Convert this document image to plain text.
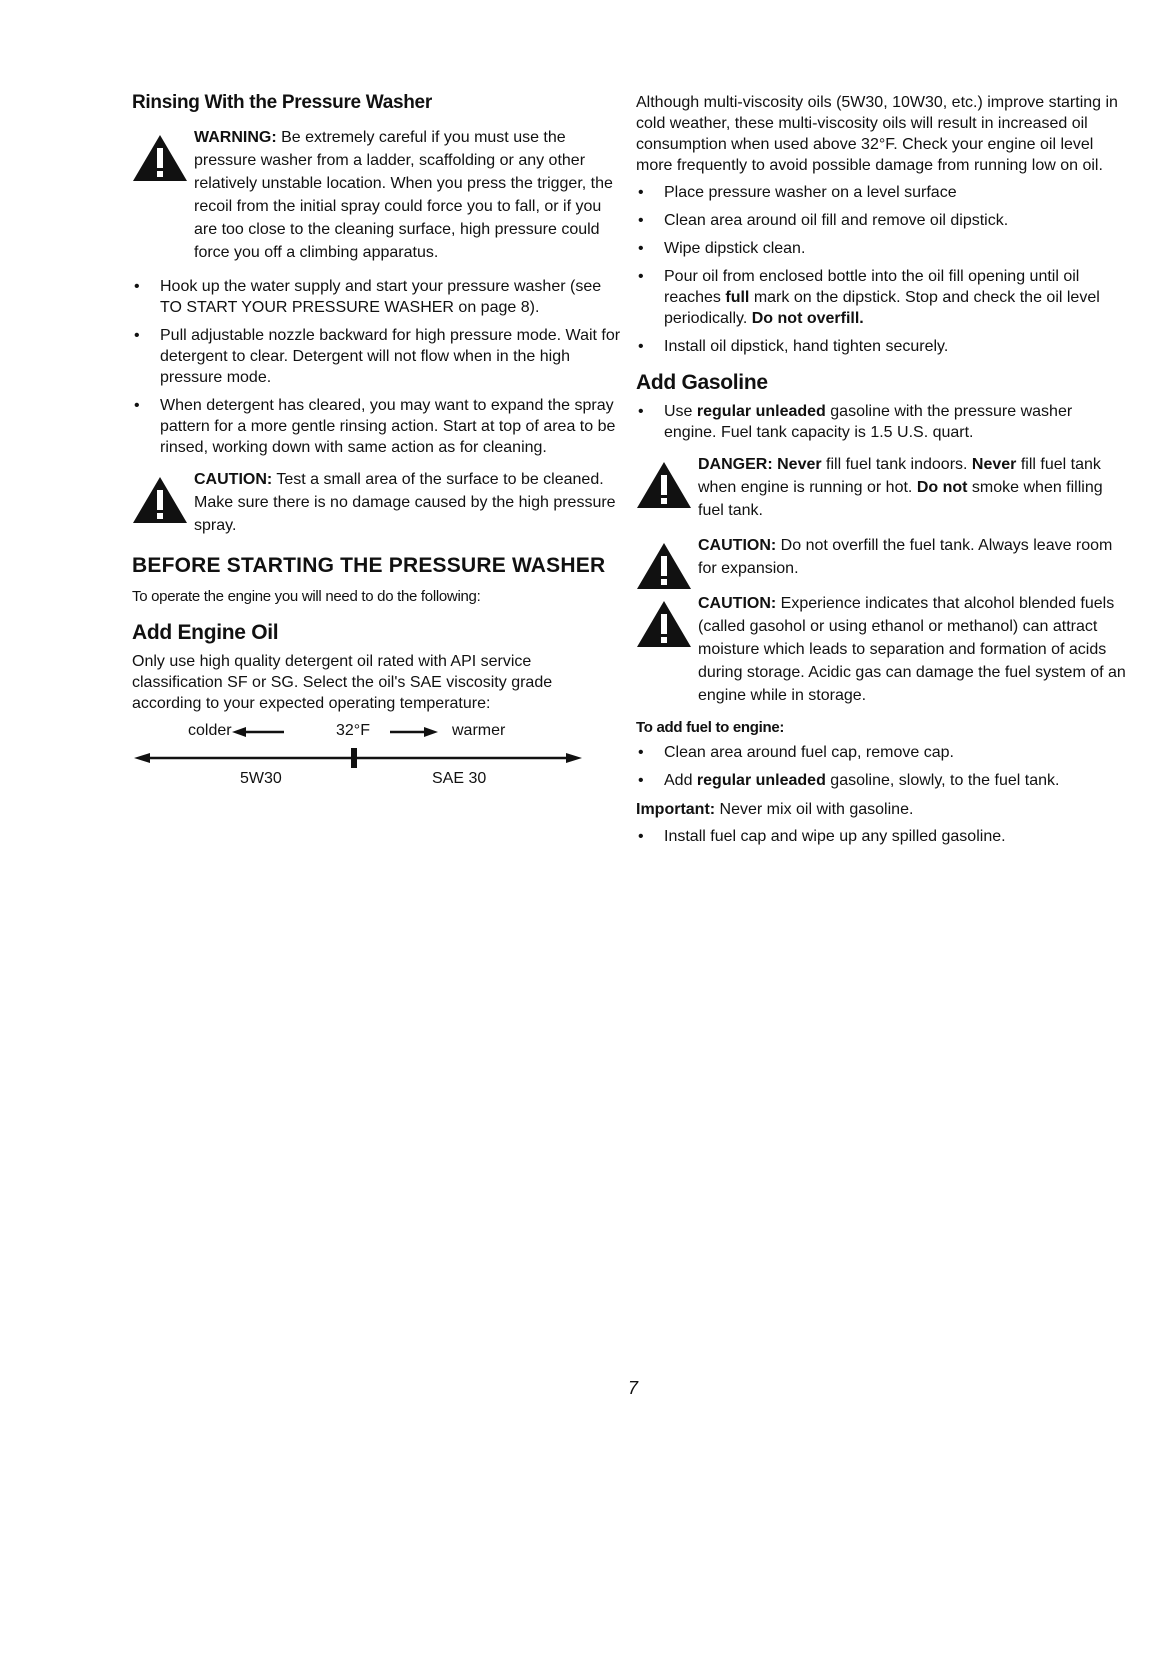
Rinsing With the Pressure Washer
WARNING: Be extremely careful if you must use the pressure washer from a ladder, scaffolding or any other relatively unstable location. When you press the trigger, the recoil from the initial spray could force you to fall, or if you are too close to the cleaning surface, high pressure could force you off a climbing apparatus.
• Hook up the water supply and start your pressure washer (see TO START YOUR PRESSURE WASHER on page 8).
• Pull adjustable nozzle backward for high pressure mode. Wait for detergent to clear. Detergent will not flow when in the high pressure mode.
• When detergent has cleared, you may want to expand the spray pattern for a more gentle rinsing action. Start at top of area to be rinsed, working down with same action as for cleaning.
CAUTION: Test a small area of the surface to be cleaned. Make sure there is no damage caused by the high pressure spray.
BEFORE STARTING THE PRESSURE WASHER

To operate the engine you will need to do the following:

Add Engine Oil

Only use high quality detergent oil rated with API service classification SF or SG. Select the oil's SAE viscosity grade according to your expected operating temperature:

colder	32°F	warmer
5W30	SAE 30

Although multi-viscosity oils (5W30, 10W30, etc.) improve starting in cold weather, these multi-viscosity oils will result in increased oil consumption when used above 32°F. Check your engine oil level more frequently to avoid possible damage from running low on oil.

• Place pressure washer on a level surface
• Clean area around oil fill and remove oil dipstick.
• Wipe dipstick clean.
• Pour oil from enclosed bottle into the oil fill opening until oil reaches full mark on the dipstick. Stop and check the oil level periodically. Do not overfill.
• Install oil dipstick, hand tighten securely.
Add Gasoline
• Use regular unleaded gasoline with the pressure washer engine. Fuel tank capacity is 1.5 U.S. quart.
DANGER: Never fill fuel tank indoors. Never fill fuel tank when engine is running or hot. Do not smoke when filling fuel tank.
CAUTION: Do not overfill the fuel tank. Always leave room for expansion.
CAUTION: Experience indicates that alcohol blended fuels (called gasohol or using ethanol or methanol) can attract moisture which leads to separation and formation of acids during storage. Acidic gas can damage the fuel system of an engine while in storage.
To add fuel to engine:
• Clean area around fuel cap, remove cap.
• Add regular unleaded gasoline, slowly, to the fuel tank.

Important: Never mix oil with gasoline.

• Install fuel cap and wipe up any spilled gasoline.
7
